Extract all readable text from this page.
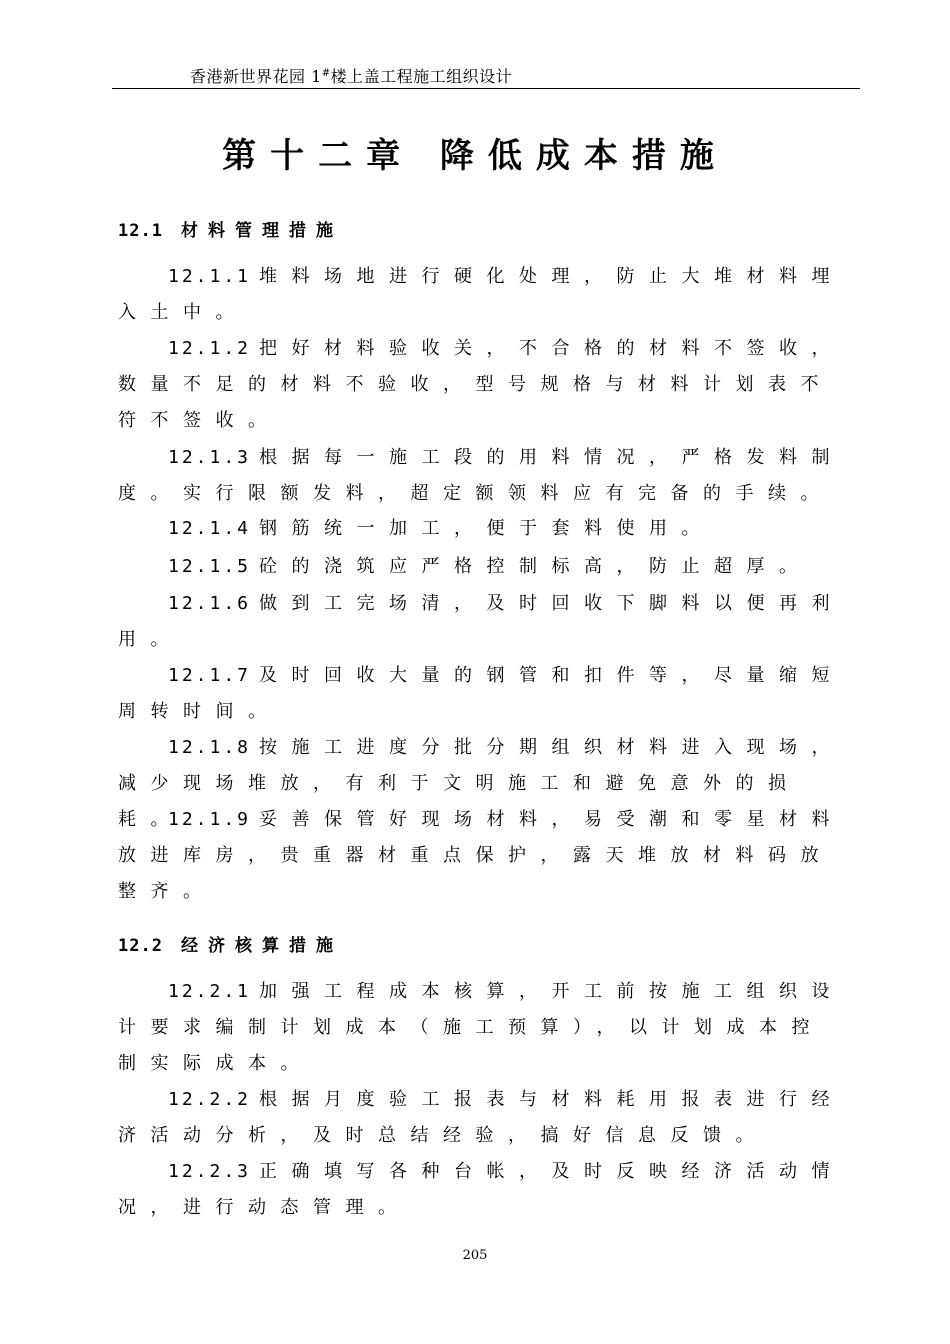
香港新世界花园 1#楼上盖工程施工组织设计
第十二章 降低成本措施
12.1 材料管理措施
12.1.1 堆料场地进行硬化处理，防止大堆材料埋入土中。
12.1.2 把好材料验收关，不合格的材料不签收，数量不足的材料不验收，型号规格与材料计划表不符不签收。
12.1.3 根据每一施工段的用料情况，严格发料制度。实行限额发料，超定额领料应有完备的手续。
12.1.4 钢筋统一加工，便于套料使用。
12.1.5 砼的浇筑应严格控制标高，防止超厚。
12.1.6 做到工完场清，及时回收下脚料以便再利用。
12.1.7 及时回收大量的钢管和扣件等，尽量缩短周转时间。
12.1.8 按施工进度分批分期组织材料进入现场，减少现场堆放，有利于文明施工和避免意外的损耗。
12.1.9 妥善保管好现场材料，易受潮和零星材料放进库房，贵重器材重点保护，露天堆放材料码放整齐。
12.2 经济核算措施
12.2.1 加强工程成本核算，开工前按施工组织设计要求编制计划成本（施工预算），以计划成本控制实际成本。
12.2.2 根据月度验工报表与材料耗用报表进行经济活动分析，及时总结经验，搞好信息反馈。
12.2.3 正确填写各种台帐，及时反映经济活动情况，进行动态管理。
205
